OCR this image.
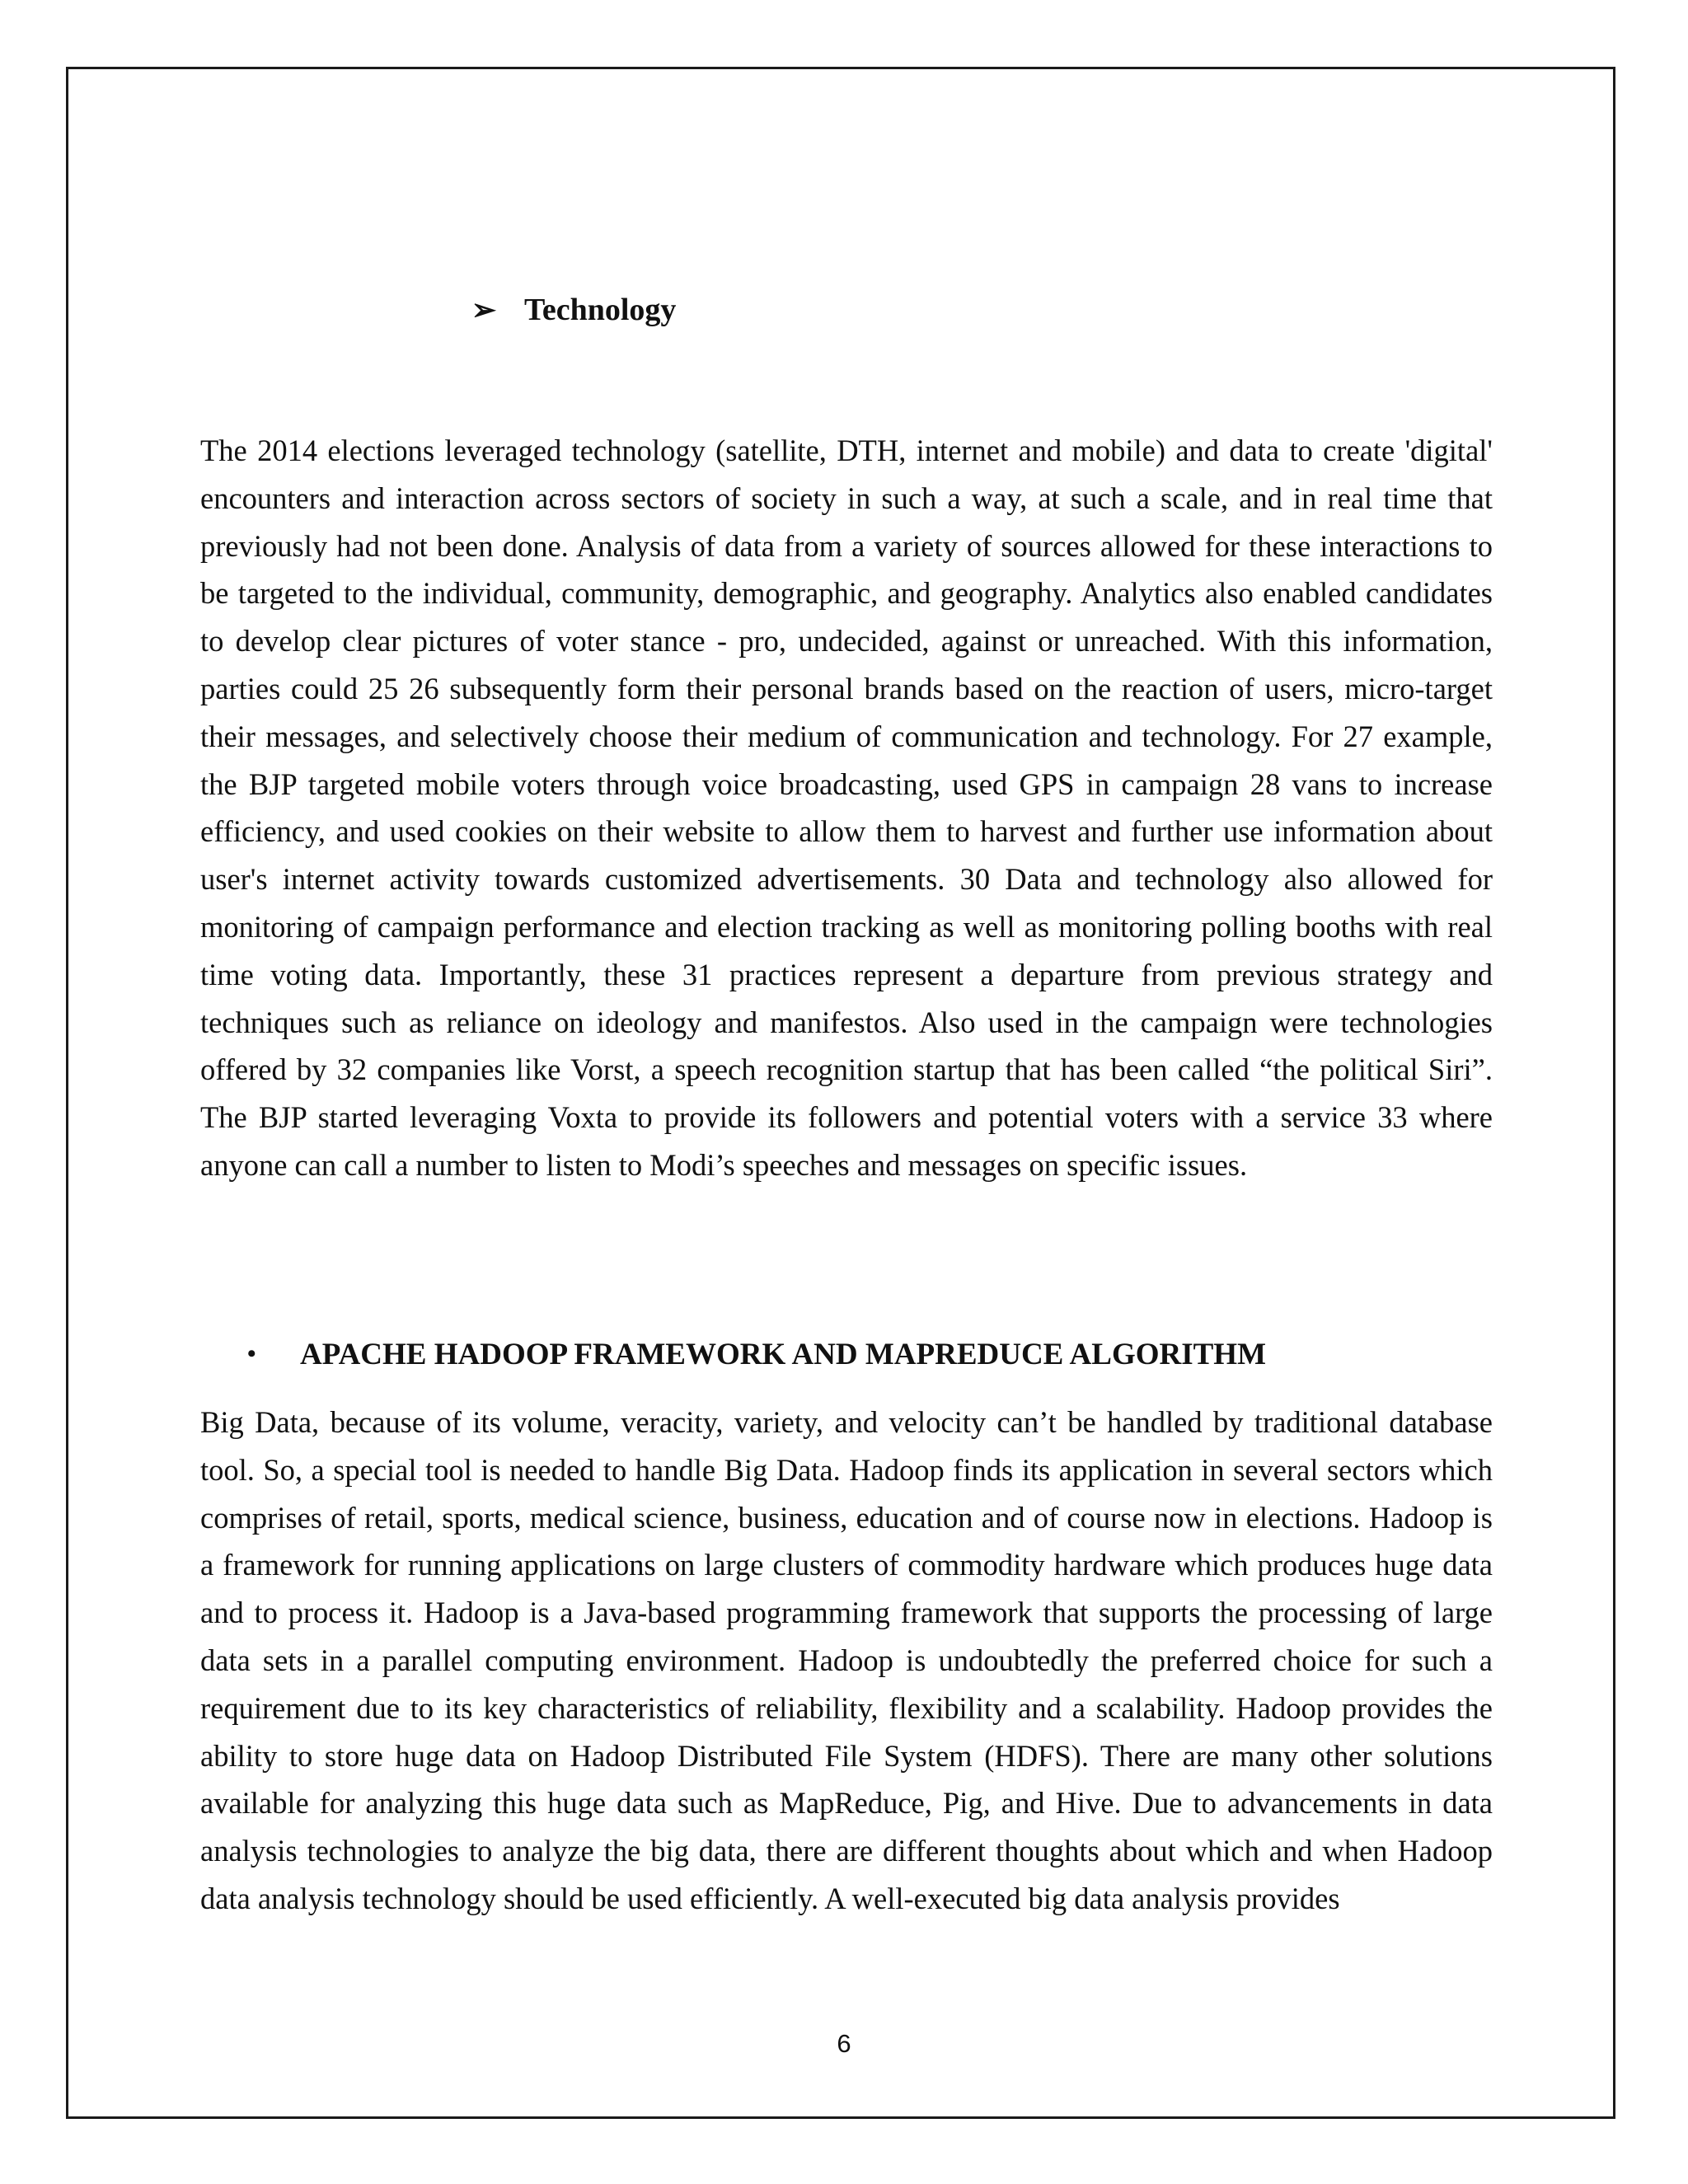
➢ Technology

The 2014 elections leveraged technology (satellite, DTH, internet and mobile) and data to create 'digital' encounters and interaction across sectors of society in such a way, at such a scale, and in real time that previously had not been done. Analysis of data from a variety of sources allowed for these interactions to be targeted to the individual, community, demographic, and geography. Analytics also enabled candidates to develop clear pictures of voter stance - pro, undecided, against or unreached. With this information, parties could 25 26 subsequently form their personal brands based on the reaction of users, micro-target their messages, and selectively choose their medium of communication and technology. For 27 example, the BJP targeted mobile voters through voice broadcasting, used GPS in campaign 28 vans to increase efficiency, and used cookies on their website to allow them to harvest and further use information about user's internet activity towards customized advertisements. 30 Data and technology also allowed for monitoring of campaign performance and election tracking as well as monitoring polling booths with real time voting data. Importantly, these 31 practices represent a departure from previous strategy and techniques such as reliance on ideology and manifestos. Also used in the campaign were technologies offered by 32 companies like Vorst, a speech recognition startup that has been called “the political Siri”. The BJP started leveraging Voxta to provide its followers and potential voters with a service 33 where anyone can call a number to listen to Modi’s speeches and messages on specific issues.

•	APACHE HADOOP FRAMEWORK AND MAPREDUCE ALGORITHM

Big Data, because of its volume, veracity, variety, and velocity can’t be handled by traditional database tool. So, a special tool is needed to handle Big Data. Hadoop finds its application in several sectors which comprises of retail, sports, medical science, business, education and of course now in elections. Hadoop is a framework for running applications on large clusters of commodity hardware which produces huge data and to process it. Hadoop is a Java-based programming framework that supports the processing of large data sets in a parallel computing environment. Hadoop is undoubtedly the preferred choice for such a requirement due to its key characteristics of reliability, flexibility and a scalability. Hadoop provides the ability to store huge data on Hadoop Distributed File System (HDFS). There are many other solutions available for analyzing this huge data such as MapReduce, Pig, and Hive. Due to advancements in data analysis technologies to analyze the big data, there are different thoughts about which and when Hadoop data analysis technology should be used efficiently. A well-executed big data analysis provides

6
